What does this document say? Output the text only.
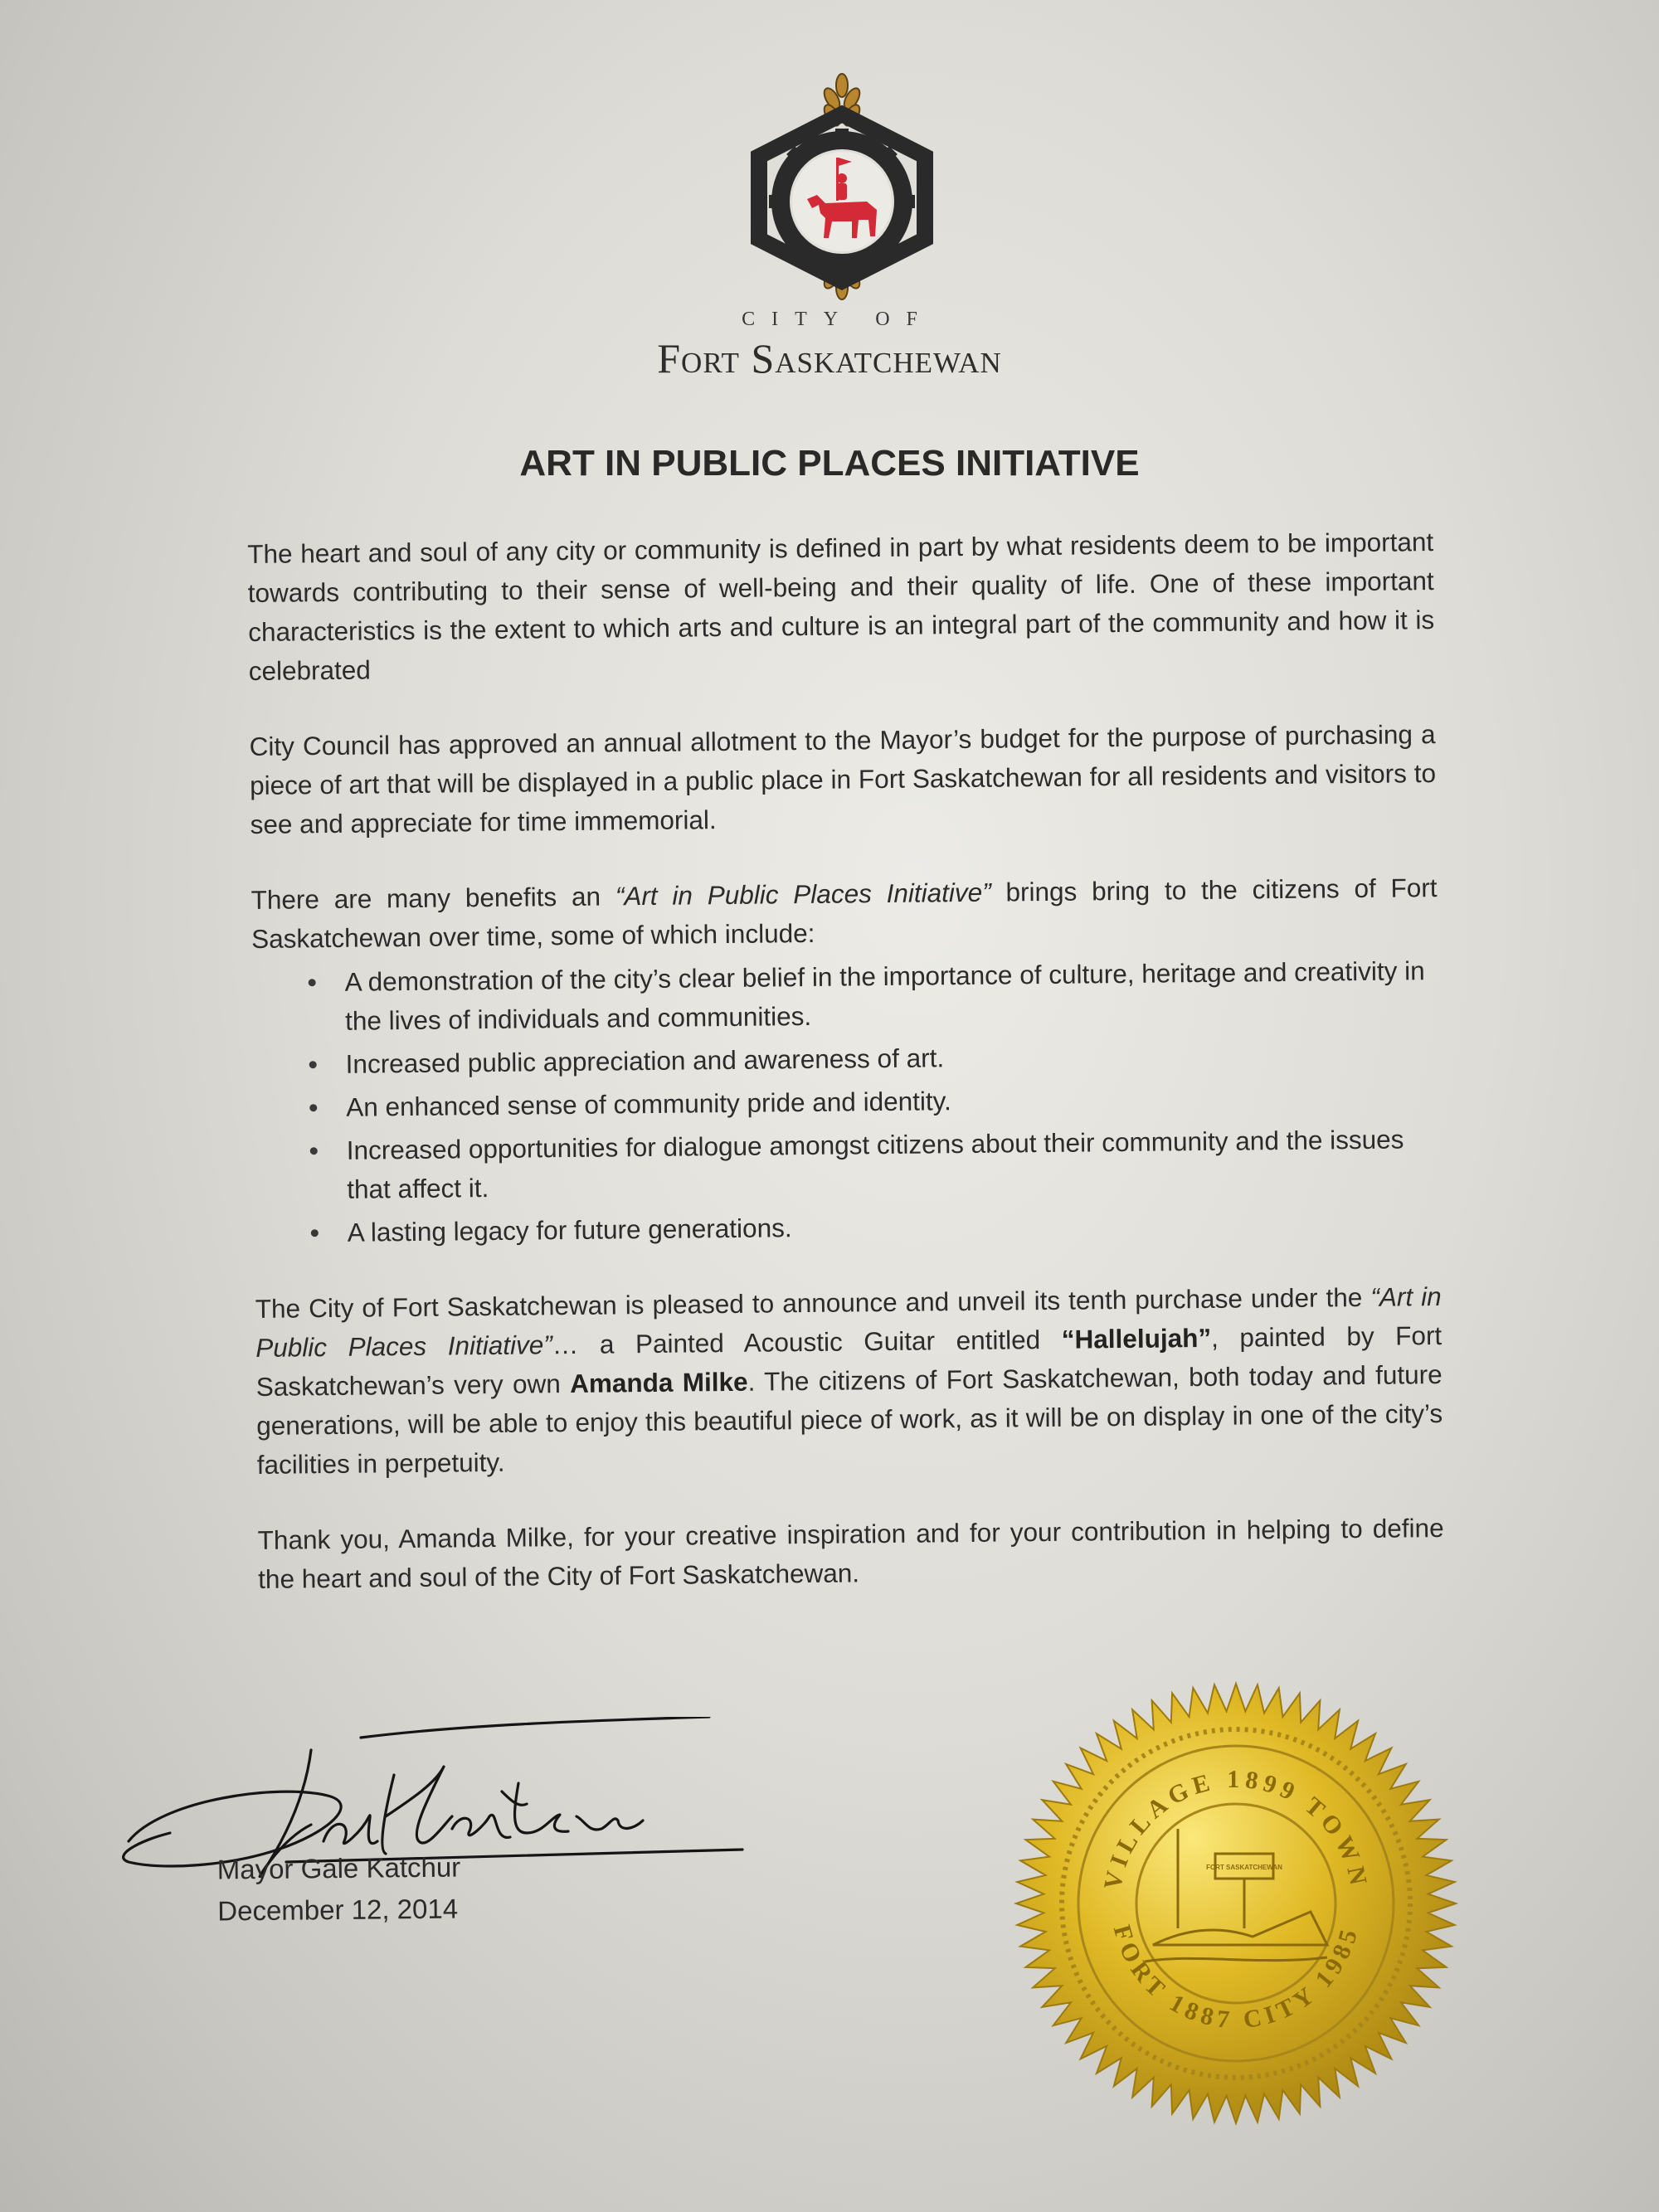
CITY OF
Fort Saskatchewan
ART IN PUBLIC PLACES INITIATIVE

The heart and soul of any city or community is defined in part by what residents deem to be important towards contributing to their sense of well-being and their quality of life. One of these important characteristics is the extent to which arts and culture is an integral part of the community and how it is celebrated

City Council has approved an annual allotment to the Mayor’s budget for the purpose of purchasing a piece of art that will be displayed in a public place in Fort Saskatchewan for all residents and visitors to see and appreciate for time immemorial.

There are many benefits an “Art in Public Places Initiative” brings bring to the citizens of Fort Saskatchewan over time, some of which include:

A demonstration of the city’s clear belief in the importance of culture, heritage and creativity in the lives of individuals and communities.
Increased public appreciation and awareness of art.
An enhanced sense of community pride and identity.
Increased opportunities for dialogue amongst citizens about their community and the issues that affect it.
A lasting legacy for future generations.

The City of Fort Saskatchewan is pleased to announce and unveil its tenth purchase under the “Art in Public Places Initiative”… a Painted Acoustic Guitar entitled “Hallelujah”, painted by Fort Saskatchewan’s very own Amanda Milke. The citizens of Fort Saskatchewan, both today and future generations, will be able to enjoy this beautiful piece of work, as it will be on display in one of the city’s facilities in perpetuity.

Thank you, Amanda Milke, for your creative inspiration and for your contribution in helping to define the heart and soul of the City of Fort Saskatchewan.

Mayor Gale Katchur
December 12, 2014
VILLAGE 1899 TOWN
FORT 1887 CITY 1985
FORT SASKATCHEWAN
